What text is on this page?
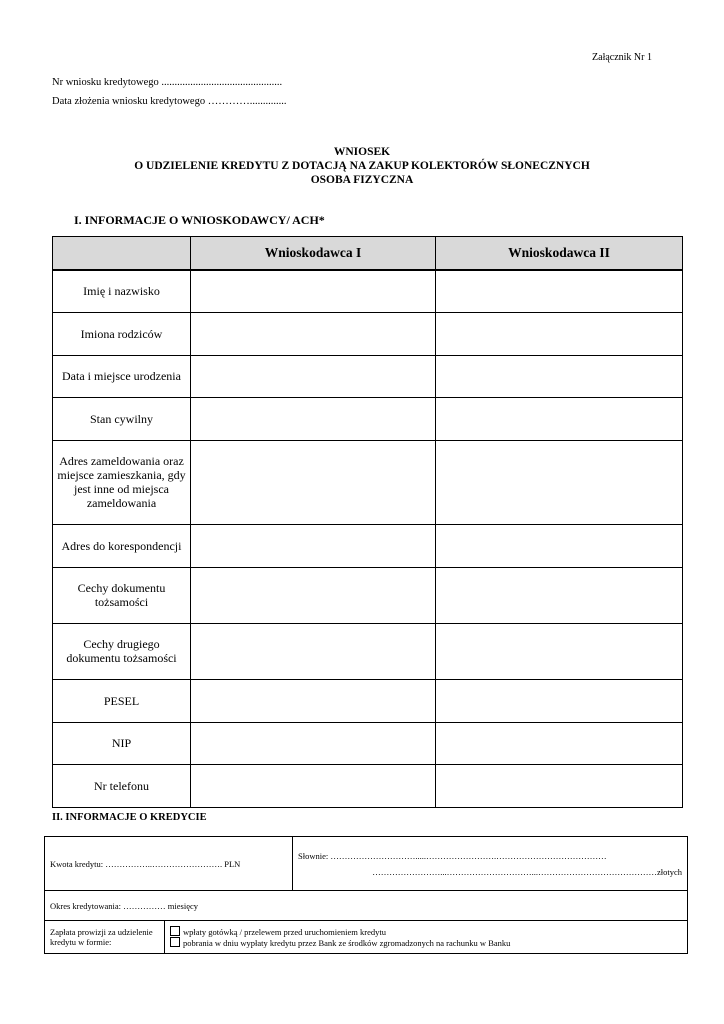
Załącznik Nr 1
Nr wniosku kredytowego ..............................................
Data złożenia wniosku kredytowego …………..............
WNIOSEK
O UDZIELENIE KREDYTU Z DOTACJĄ NA ZAKUP KOLEKTORÓW SŁONECZNYCH
OSOBA FIZYCZNA
I. INFORMACJE O WNIOSKODAWCY/ ACH*
	Wnioskodawca I	Wnioskodawca II
Imię i nazwisko		
Imiona rodziców		
Data i miejsce urodzenia		
Stan cywilny		
Adres zameldowania oraz miejsce zamieszkania, gdy jest inne od miejsca zameldowania		
Adres do korespondencji		
Cechy dokumentu tożsamości		
Cechy drugiego dokumentu tożsamości		
PESEL		
NIP		
Nr telefonu		
II. INFORMACJE O KREDYCIE
Kwota kredytu: ……………..……………………. PLN		Słownie: ………………………….....…………………….…………………………………
……………………...…………………………...……………………………………złotych

Okres kredytowania: …………… miesięcy		
Zapłata prowizji za udzielenie kredytu w formie:	wpłaty gotówką / przelewem przed uruchomieniem kredytu
pobrania w dniu wypłaty kredytu przez Bank ze środków zgromadzonych na rachunku w Banku	
